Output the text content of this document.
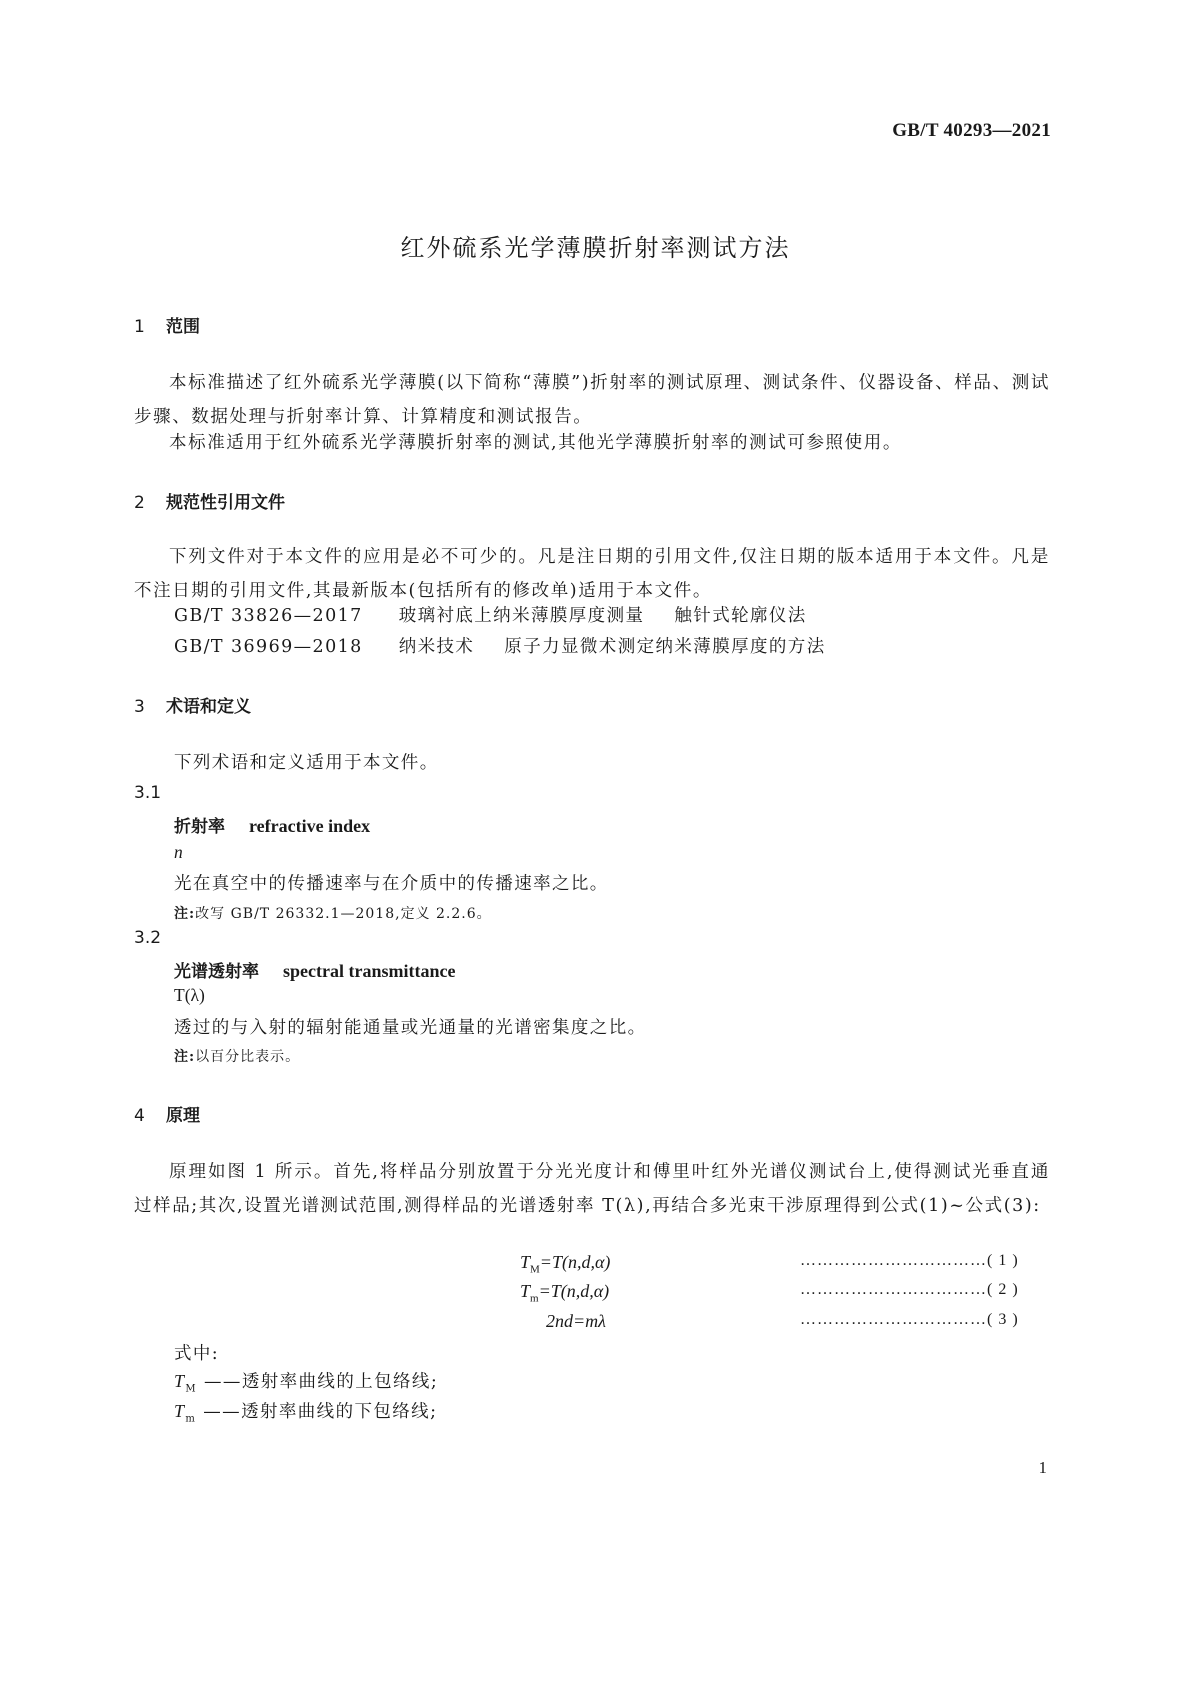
GB/T 40293—2021
红外硫系光学薄膜折射率测试方法
1 范围
本标准描述了红外硫系光学薄膜(以下简称“薄膜”)折射率的测试原理、测试条件、仪器设备、样品、测试步骤、数据处理与折射率计算、计算精度和测试报告。
本标准适用于红外硫系光学薄膜折射率的测试,其他光学薄膜折射率的测试可参照使用。
2 规范性引用文件
下列文件对于本文件的应用是必不可少的。凡是注日期的引用文件,仅注日期的版本适用于本文件。凡是不注日期的引用文件,其最新版本(包括所有的修改单)适用于本文件。
GB/T 33826—2017 玻璃衬底上纳米薄膜厚度测量 触针式轮廓仪法
GB/T 36969—2018 纳米技术 原子力显微术测定纳米薄膜厚度的方法
3 术语和定义
下列术语和定义适用于本文件。
3.1
折射率 refractive index
n
光在真空中的传播速率与在介质中的传播速率之比。
注:改写 GB/T 26332.1—2018,定义 2.2.6。
3.2
光谱透射率 spectral transmittance
T(λ)
透过的与入射的辐射能通量或光通量的光谱密集度之比。
注:以百分比表示。
4 原理
原理如图 1 所示。首先,将样品分别放置于分光光度计和傅里叶红外光谱仪测试台上,使得测试光垂直通过样品;其次,设置光谱测试范围,测得样品的光谱透射率 T(λ),再结合多光束干涉原理得到公式(1)~公式(3):
$T_M=T(n,d,\alpha)$	……………………………( 1 )
$T_m=T(n,d,\alpha)$	……………………………( 2 )
2nd=mλ	……………………………( 3 )
式中:
$T_M$ ——透射率曲线的上包络线;
$T_m$ ——透射率曲线的下包络线;
1
